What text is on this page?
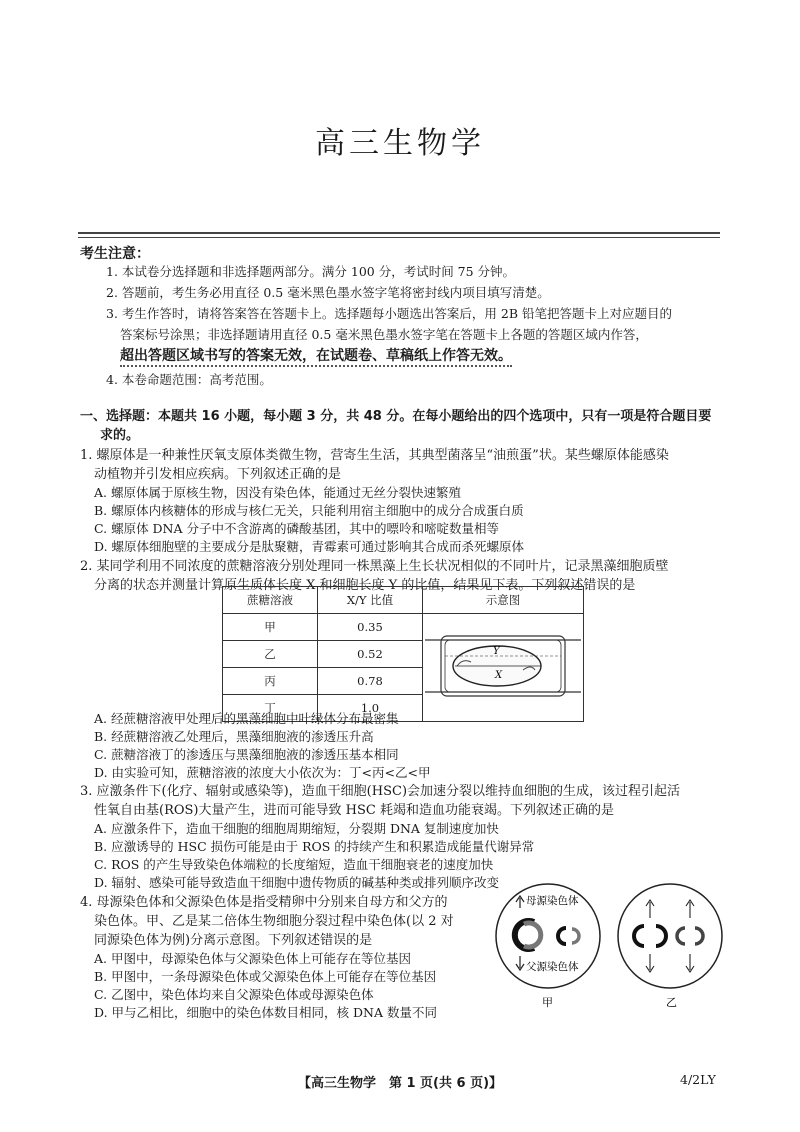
高三生物学
考生注意：
1. 本试卷分选择题和非选择题两部分。满分 100 分，考试时间 75 分钟。
2. 答题前，考生务必用直径 0.5 毫米黑色墨水签字笔将密封线内项目填写清楚。
3. 考生作答时，请将答案答在答题卡上。选择题每小题选出答案后，用 2B 铅笔把答题卡上对应题目的
答案标号涂黑；非选择题请用直径 0.5 毫米黑色墨水签字笔在答题卡上各题的答题区域内作答，
超出答题区域书写的答案无效，在试题卷、草稿纸上作答无效。
4. 本卷命题范围：高考范围。
一、选择题：本题共 16 小题，每小题 3 分，共 48 分。在每小题给出的四个选项中，只有一项是符合题目要
求的。
1. 螺原体是一种兼性厌氧支原体类微生物，营寄生生活，其典型菌落呈“油煎蛋”状。某些螺原体能感染
动植物并引发相应疾病。下列叙述正确的是
A. 螺原体属于原核生物，因没有染色体，能通过无丝分裂快速繁殖
B. 螺原体内核糖体的形成与核仁无关，只能利用宿主细胞中的成分合成蛋白质
C. 螺原体 DNA 分子中不含游离的磷酸基团，其中的嘌呤和嘧啶数量相等
D. 螺原体细胞壁的主要成分是肽聚糖，青霉素可通过影响其合成而杀死螺原体
2. 某同学利用不同浓度的蔗糖溶液分别处理同一株黑藻上生长状况相似的不同叶片，记录黑藻细胞质壁
分离的状态并测量计算原生质体长度 X 和细胞长度 Y 的比值，结果见下表。下列叙述错误的是
蔗糖溶液	X/Y 比值	示意图
甲	0.35	Y
X

乙	0.52	
丙	0.78	
丁	1.0	
A. 经蔗糖溶液甲处理后的黑藻细胞中叶绿体分布最密集
B. 经蔗糖溶液乙处理后，黑藻细胞液的渗透压升高
C. 蔗糖溶液丁的渗透压与黑藻细胞液的渗透压基本相同
D. 由实验可知，蔗糖溶液的浓度大小依次为：丁<丙<乙<甲
3. 应激条件下(化疗、辐射或感染等)，造血干细胞(HSC)会加速分裂以维持血细胞的生成，该过程引起活
性氧自由基(ROS)大量产生，进而可能导致 HSC 耗竭和造血功能衰竭。下列叙述正确的是
A. 应激条件下，造血干细胞的细胞周期缩短，分裂期 DNA 复制速度加快
B. 应激诱导的 HSC 损伤可能是由于 ROS 的持续产生和积累造成能量代谢异常
C. ROS 的产生导致染色体端粒的长度缩短，造血干细胞衰老的速度加快
D. 辐射、感染可能导致造血干细胞中遗传物质的碱基种类或排列顺序改变
4. 母源染色体和父源染色体是指受精卵中分别来自母方和父方的
染色体。甲、乙是某二倍体生物细胞分裂过程中染色体(以 2 对
同源染色体为例)分离示意图。下列叙述错误的是
A. 甲图中，母源染色体与父源染色体上可能存在等位基因
B. 甲图中，一条母源染色体或父源染色体上可能存在等位基因
C. 乙图中，染色体均来自父源染色体或母源染色体
D. 甲与乙相比，细胞中的染色体数目相同，核 DNA 数量不同
母源染色体
父源染色体
甲	乙
【高三生物学　第 1 页(共 6 页)】	4/2LY
